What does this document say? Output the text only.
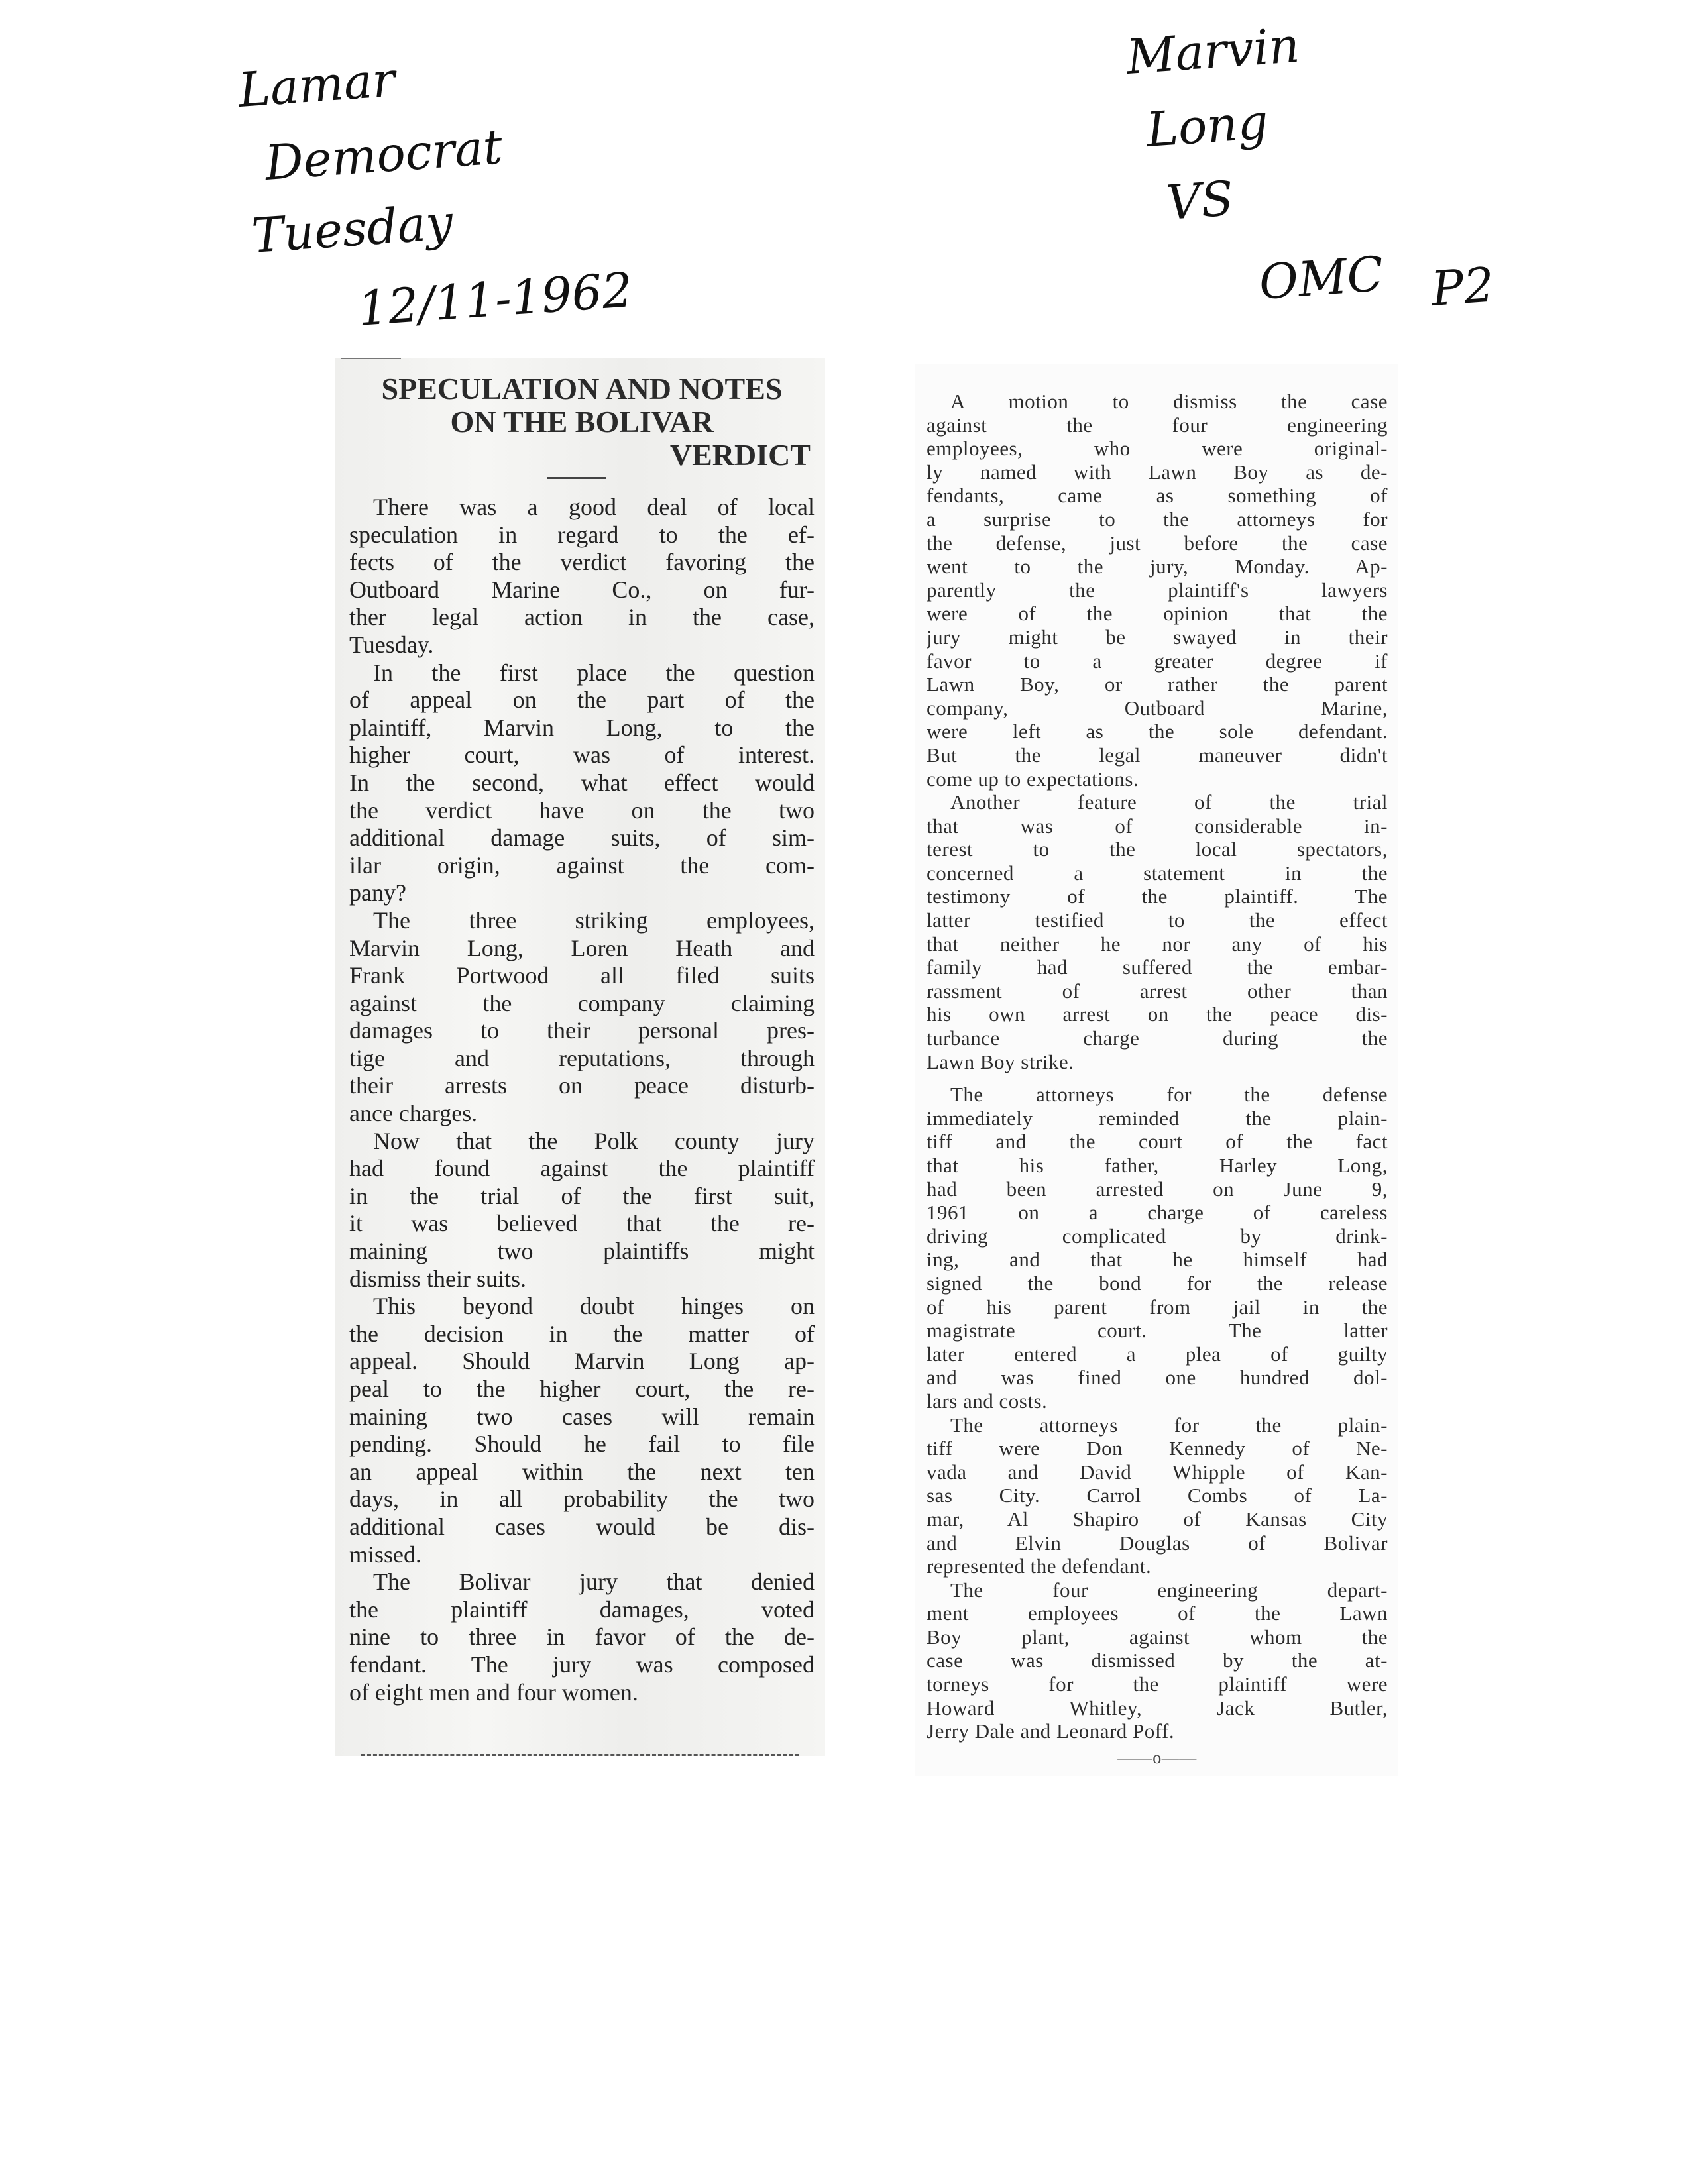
Lamar
Democrat
Tuesday
12/11-1962
Marvin
Long
VS
OMC P2
SPECULATION AND NOTES
ON THE BOLIVAR
VERDICT
There was a good deal of local
speculation in regard to the ef-
fects of the verdict favoring the
Outboard Marine Co., on fur-
ther legal action in the case,
Tuesday.
In the first place the question
of appeal on the part of the
plaintiff, Marvin Long, to the
higher court, was of interest.
In the second, what effect would
the verdict have on the two
additional damage suits, of sim-
ilar origin, against the com-
pany?
The three striking employees,
Marvin Long, Loren Heath and
Frank Portwood all filed suits
against the company claiming
damages to their personal pres-
tige and reputations, through
their arrests on peace disturb-
ance charges.
Now that the Polk county jury
had found against the plaintiff
in the trial of the first suit,
it was believed that the re-
maining two plaintiffs might
dismiss their suits.
This beyond doubt hinges on
the decision in the matter of
appeal. Should Marvin Long ap-
peal to the higher court, the re-
maining two cases will remain
pending. Should he fail to file
an appeal within the next ten
days, in all probability the two
additional cases would be dis-
missed.
The Bolivar jury that denied
the plaintiff damages, voted
nine to three in favor of the de-
fendant. The jury was composed
of eight men and four women.
A motion to dismiss the case
against the four engineering
employees, who were original-
ly named with Lawn Boy as de-
fendants, came as something of
a surprise to the attorneys for
the defense, just before the case
went to the jury, Monday. Ap-
parently the plaintiff's lawyers
were of the opinion that the
jury might be swayed in their
favor to a greater degree if
Lawn Boy, or rather the parent
company, Outboard Marine,
were left as the sole defendant.
But the legal maneuver didn't
come up to expectations.
Another feature of the trial
that was of considerable in-
terest to the local spectators,
concerned a statement in the
testimony of the plaintiff. The
latter testified to the effect
that neither he nor any of his
family had suffered the embar-
rassment of arrest other than
his own arrest on the peace dis-
turbance charge during the
Lawn Boy strike.
The attorneys for the defense
immediately reminded the plain-
tiff and the court of the fact
that his father, Harley Long,
had been arrested on June 9,
1961 on a charge of careless
driving complicated by drink-
ing, and that he himself had
signed the bond for the release
of his parent from jail in the
magistrate court. The latter
later entered a plea of guilty
and was fined one hundred dol-
lars and costs.
The attorneys for the plain-
tiff were Don Kennedy of Ne-
vada and David Whipple of Kan-
sas City. Carrol Combs of La-
mar, Al Shapiro of Kansas City
and Elvin Douglas of Bolivar
represented the defendant.
The four engineering depart-
ment employees of the Lawn
Boy plant, against whom the
case was dismissed by the at-
torneys for the plaintiff were
Howard Whitley, Jack Butler,
Jerry Dale and Leonard Poff.
——o——
